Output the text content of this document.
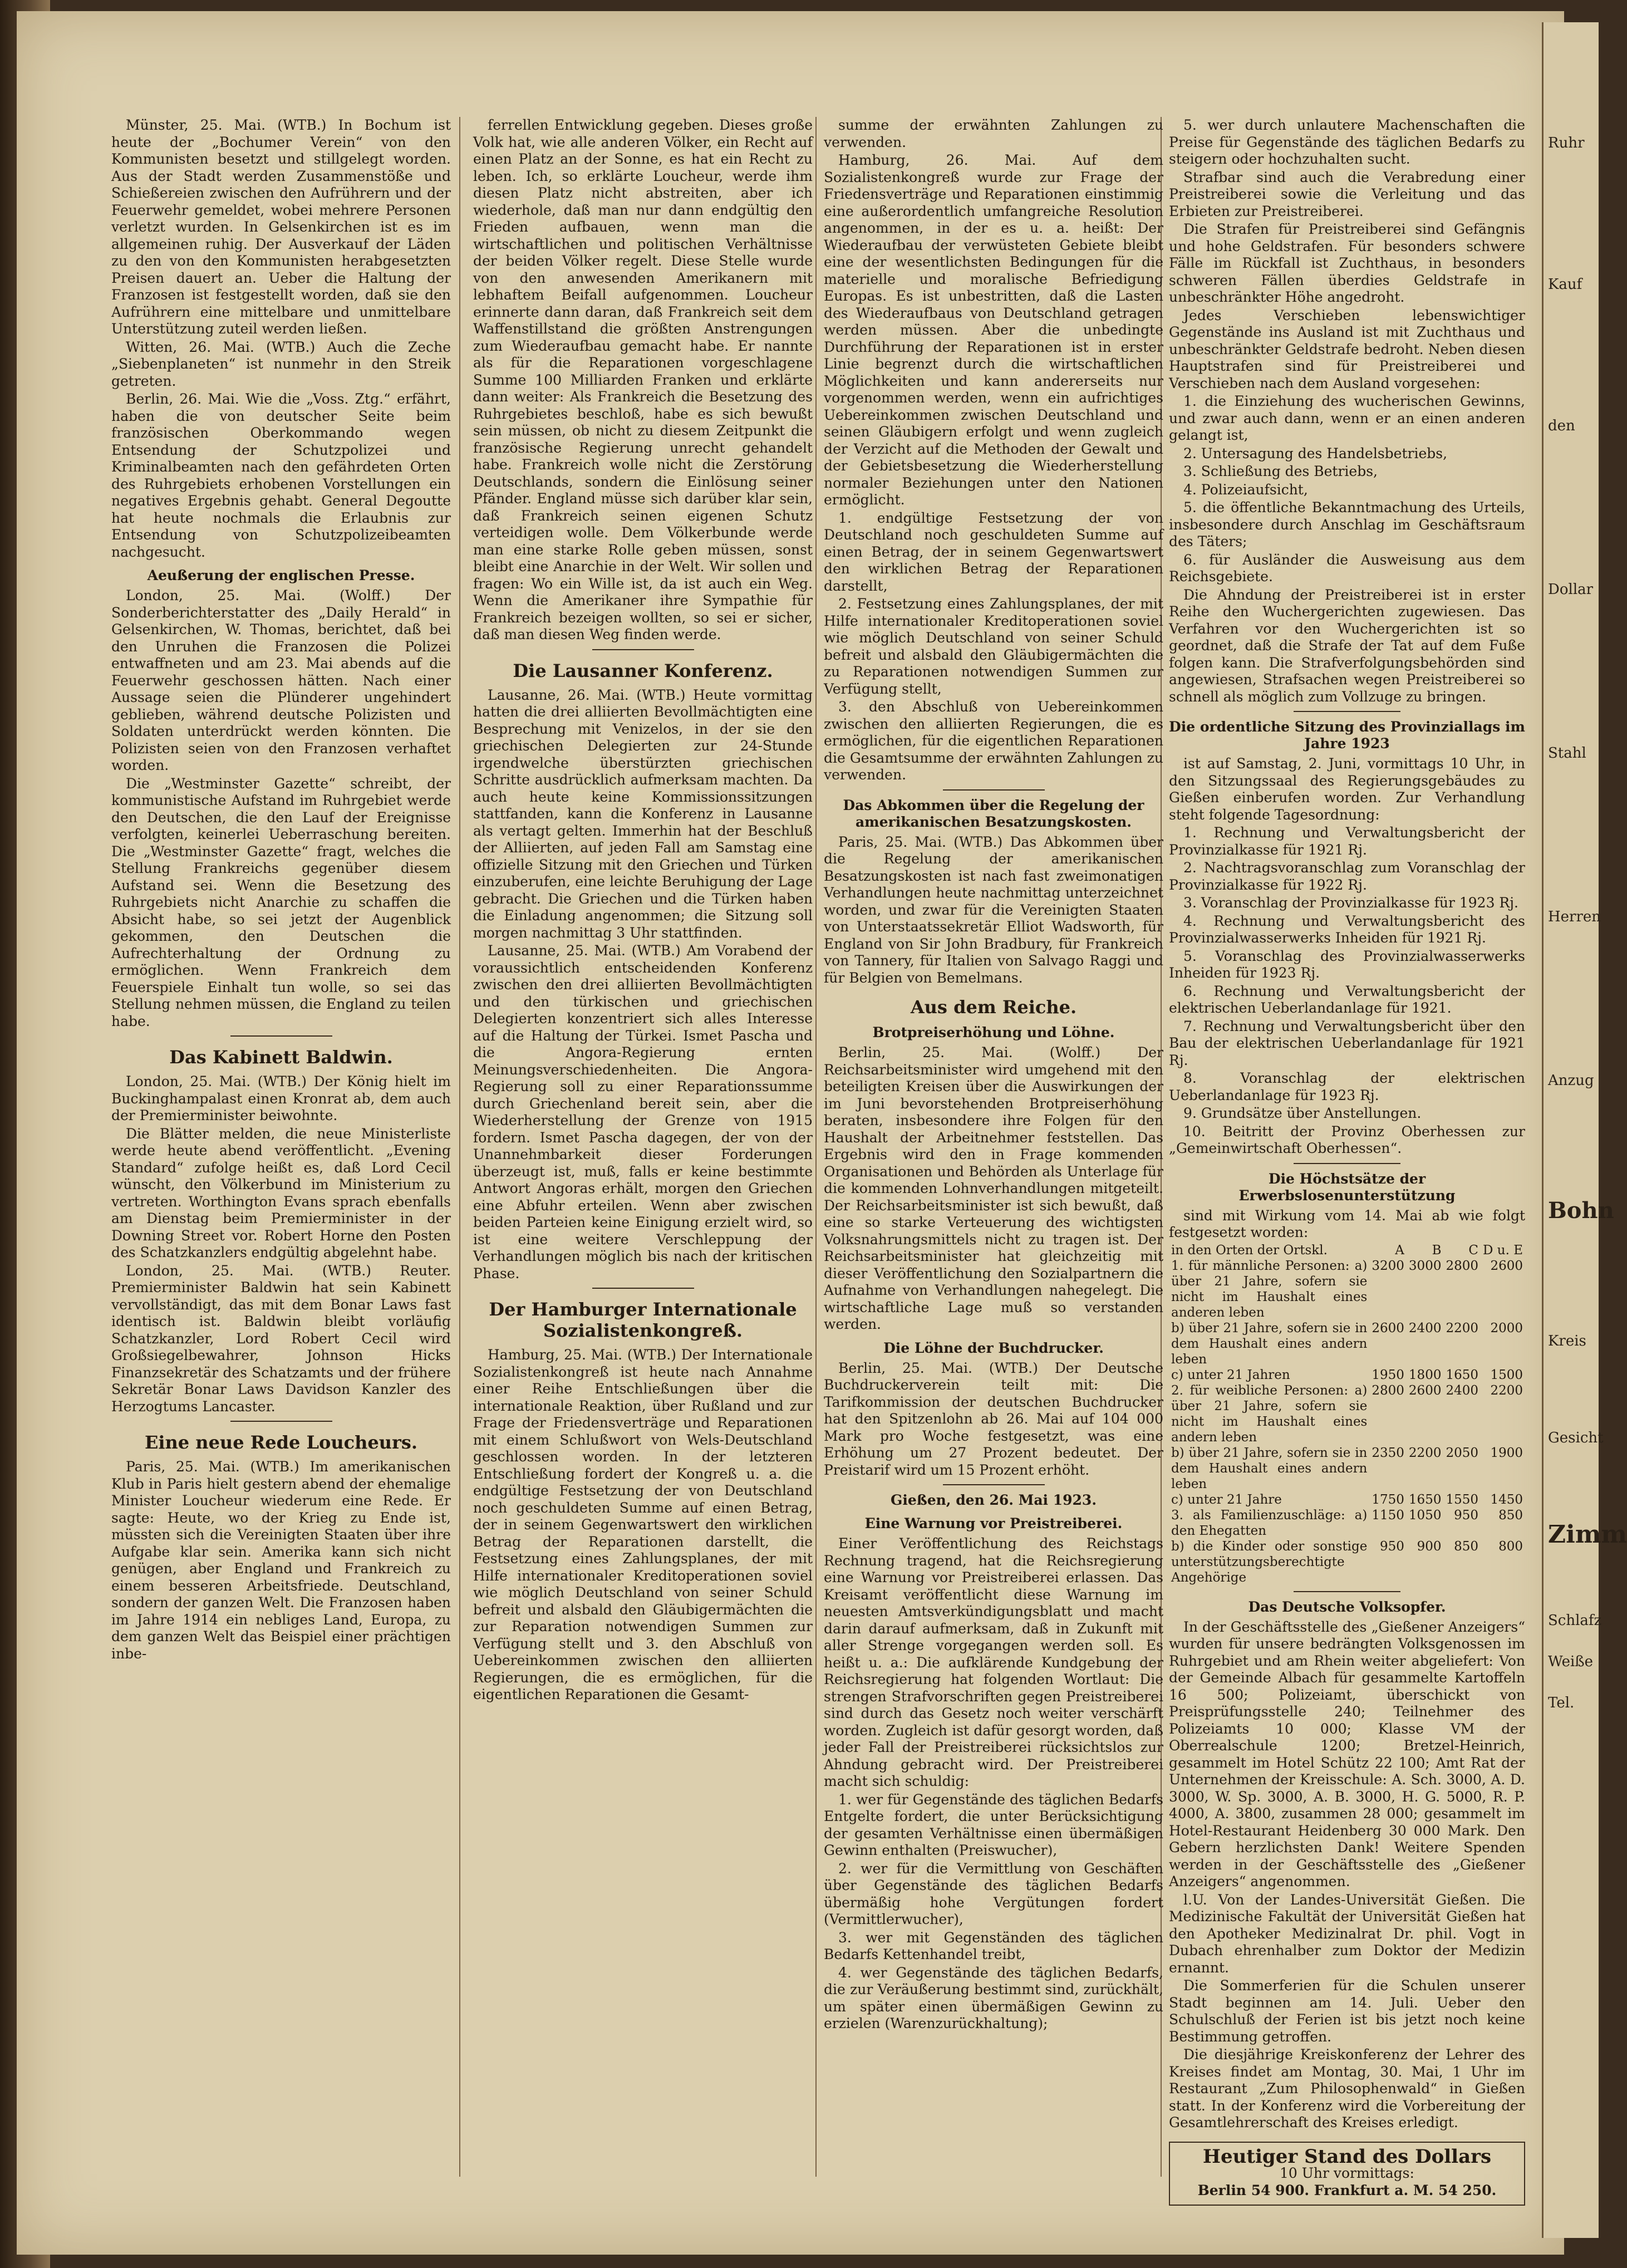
Münster, 25. Mai. (WTB.) In Bochum ist heute der „Bochumer Verein“ von den Kommunisten besetzt und stillgelegt worden. Aus der Stadt werden Zusammenstöße und Schießereien zwischen den Aufrührern und der Feuerwehr gemeldet, wobei mehrere Personen verletzt wurden. In Gelsenkirchen ist es im allgemeinen ruhig. Der Ausverkauf der Läden zu den von den Kommunisten herabgesetzten Preisen dauert an. Ueber die Haltung der Franzosen ist festgestellt worden, daß sie den Aufrührern eine mittelbare und unmittelbare Unterstützung zuteil werden ließen.

Witten, 26. Mai. (WTB.) Auch die Zeche „Siebenplaneten“ ist nunmehr in den Streik getreten.

Berlin, 26. Mai. Wie die „Voss. Ztg.“ erfährt, haben die von deutscher Seite beim französischen Oberkommando wegen Entsendung der Schutzpolizei und Kriminalbeamten nach den gefährdeten Orten des Ruhrgebiets erhobenen Vorstellungen ein negatives Ergebnis gehabt. General Degoutte hat heute nochmals die Erlaubnis zur Entsendung von Schutzpolizeibeamten nachgesucht.

Aeußerung der englischen Presse.

London, 25. Mai. (Wolff.) Der Sonderberichterstatter des „Daily Herald“ in Gelsenkirchen, W. Thomas, berichtet, daß bei den Unruhen die Franzosen die Polizei entwaffneten und am 23. Mai abends auf die Feuerwehr geschossen hätten. Nach einer Aussage seien die Plünderer ungehindert geblieben, während deutsche Polizisten und Soldaten unterdrückt werden könnten. Die Polizisten seien von den Franzosen verhaftet worden.

Die „Westminster Gazette“ schreibt, der kommunistische Aufstand im Ruhrgebiet werde den Deutschen, die den Lauf der Ereignisse verfolgten, keinerlei Ueberraschung bereiten. Die „Westminster Gazette“ fragt, welches die Stellung Frankreichs gegenüber diesem Aufstand sei. Wenn die Besetzung des Ruhrgebiets nicht Anarchie zu schaffen die Absicht habe, so sei jetzt der Augenblick gekommen, den Deutschen die Aufrechterhaltung der Ordnung zu ermöglichen. Wenn Frankreich dem Feuerspiele Einhalt tun wolle, so sei das Stellung nehmen müssen, die England zu teilen habe.

Das Kabinett Baldwin.

London, 25. Mai. (WTB.) Der König hielt im Buckinghampalast einen Kronrat ab, dem auch der Premierminister beiwohnte.

Die Blätter melden, die neue Ministerliste werde heute abend veröffentlicht. „Evening Standard“ zufolge heißt es, daß Lord Cecil wünscht, den Völkerbund im Ministerium zu vertreten. Worthington Evans sprach ebenfalls am Dienstag beim Premierminister in der Downing Street vor. Robert Horne den Posten des Schatzkanzlers endgültig abgelehnt habe.

London, 25. Mai. (WTB.) Reuter. Premierminister Baldwin hat sein Kabinett vervollständigt, das mit dem Bonar Laws fast identisch ist. Baldwin bleibt vorläufig Schatzkanzler, Lord Robert Cecil wird Großsiegelbewahrer, Johnson Hicks Finanzsekretär des Schatzamts und der frühere Sekretär Bonar Laws Davidson Kanzler des Herzogtums Lancaster.

Eine neue Rede Loucheurs.

Paris, 25. Mai. (WTB.) Im amerikanischen Klub in Paris hielt gestern abend der ehemalige Minister Loucheur wiederum eine Rede. Er sagte: Heute, wo der Krieg zu Ende ist, müssten sich die Vereinigten Staaten über ihre Aufgabe klar sein. Amerika kann sich nicht genügen, aber England und Frankreich zu einem besseren Arbeitsfriede. Deutschland, sondern der ganzen Welt. Die Franzosen haben im Jahre 1914 ein nebliges Land, Europa, zu dem ganzen Welt das Beispiel einer prächtigen inbe-

ferrellen Entwicklung gegeben. Dieses große Volk hat, wie alle anderen Völker, ein Recht auf einen Platz an der Sonne, es hat ein Recht zu leben. Ich, so erklärte Loucheur, werde ihm diesen Platz nicht abstreiten, aber ich wiederhole, daß man nur dann endgültig den Frieden aufbauen, wenn man die wirtschaftlichen und politischen Verhältnisse der beiden Völker regelt. Diese Stelle wurde von den anwesenden Amerikanern mit lebhaftem Beifall aufgenommen. Loucheur erinnerte dann daran, daß Frankreich seit dem Waffenstillstand die größten Anstrengungen zum Wiederaufbau gemacht habe. Er nannte als für die Reparationen vorgeschlagene Summe 100 Milliarden Franken und erklärte dann weiter: Als Frankreich die Besetzung des Ruhrgebietes beschloß, habe es sich bewußt sein müssen, ob nicht zu diesem Zeitpunkt die französische Regierung unrecht gehandelt habe. Frankreich wolle nicht die Zerstörung Deutschlands, sondern die Einlösung seiner Pfänder. England müsse sich darüber klar sein, daß Frankreich seinen eigenen Schutz verteidigen wolle. Dem Völkerbunde werde man eine starke Rolle geben müssen, sonst bleibt eine Anarchie in der Welt. Wir sollen und fragen: Wo ein Wille ist, da ist auch ein Weg. Wenn die Amerikaner ihre Sympathie für Frankreich bezeigen wollten, so sei er sicher, daß man diesen Weg finden werde.

Die Lausanner Konferenz.

Lausanne, 26. Mai. (WTB.) Heute vormittag hatten die drei alliierten Bevollmächtigten eine Besprechung mit Venizelos, in der sie den griechischen Delegierten zur 24-Stunde irgendwelche überstürzten griechischen Schritte ausdrücklich aufmerksam machten. Da auch heute keine Kommissionssitzungen stattfanden, kann die Konferenz in Lausanne als vertagt gelten. Immerhin hat der Beschluß der Alliierten, auf jeden Fall am Samstag eine offizielle Sitzung mit den Griechen und Türken einzuberufen, eine leichte Beruhigung der Lage gebracht. Die Griechen und die Türken haben die Einladung angenommen; die Sitzung soll morgen nachmittag 3 Uhr stattfinden.

Lausanne, 25. Mai. (WTB.) Am Vorabend der voraussichtlich entscheidenden Konferenz zwischen den drei alliierten Bevollmächtigten und den türkischen und griechischen Delegierten konzentriert sich alles Interesse auf die Haltung der Türkei. Ismet Pascha und die Angora-Regierung ernten Meinungsverschiedenheiten. Die Angora-Regierung soll zu einer Reparationssumme durch Griechenland bereit sein, aber die Wiederherstellung der Grenze von 1915 fordern. Ismet Pascha dagegen, der von der Unannehmbarkeit dieser Forderungen überzeugt ist, muß, falls er keine bestimmte Antwort Angoras erhält, morgen den Griechen eine Abfuhr erteilen. Wenn aber zwischen beiden Parteien keine Einigung erzielt wird, so ist eine weitere Verschleppung der Verhandlungen möglich bis nach der kritischen Phase.

Der Hamburger Internationale Sozialistenkongreß.

Hamburg, 25. Mai. (WTB.) Der Internationale Sozialistenkongreß ist heute nach Annahme einer Reihe Entschließungen über die internationale Reaktion, über Rußland und zur Frage der Friedensverträge und Reparationen mit einem Schlußwort von Wels-Deutschland geschlossen worden. In der letzteren Entschließung fordert der Kongreß u. a. die endgültige Festsetzung der von Deutschland noch geschuldeten Summe auf einen Betrag, der in seinem Gegenwartswert den wirklichen Betrag der Reparationen darstellt, die Festsetzung eines Zahlungsplanes, der mit Hilfe internationaler Kreditoperationen soviel wie möglich Deutschland von seiner Schuld befreit und alsbald den Gläubigermächten die zur Reparation notwendigen Summen zur Verfügung stellt und 3. den Abschluß von Uebereinkommen zwischen den alliierten Regierungen, die es ermöglichen, für die eigentlichen Reparationen die Gesamt-

summe der erwähnten Zahlungen zu verwenden.

Hamburg, 26. Mai. Auf dem Sozialistenkongreß wurde zur Frage der Friedensverträge und Reparationen einstimmig eine außerordentlich umfangreiche Resolution angenommen, in der es u. a. heißt: Der Wiederaufbau der verwüsteten Gebiete bleibt eine der wesentlichsten Bedingungen für die materielle und moralische Befriedigung Europas. Es ist unbestritten, daß die Lasten des Wiederaufbaus von Deutschland getragen werden müssen. Aber die unbedingte Durchführung der Reparationen ist in erster Linie begrenzt durch die wirtschaftlichen Möglichkeiten und kann andererseits nur vorgenommen werden, wenn ein aufrichtiges Uebereinkommen zwischen Deutschland und seinen Gläubigern erfolgt und wenn zugleich der Verzicht auf die Methoden der Gewalt und der Gebietsbesetzung die Wiederherstellung normaler Beziehungen unter den Nationen ermöglicht.

1. endgültige Festsetzung der von Deutschland noch geschuldeten Summe auf einen Betrag, der in seinem Gegenwartswert den wirklichen Betrag der Reparationen darstellt,

2. Festsetzung eines Zahlungsplanes, der mit Hilfe internationaler Kreditoperationen soviel wie möglich Deutschland von seiner Schuld befreit und alsbald den Gläubigermächten die zu Reparationen notwendigen Summen zur Verfügung stellt,

3. den Abschluß von Uebereinkommen zwischen den alliierten Regierungen, die es ermöglichen, für die eigentlichen Reparationen die Gesamtsumme der erwähnten Zahlungen zu verwenden.

Das Abkommen über die Regelung der amerikanischen Besatzungskosten.

Paris, 25. Mai. (WTB.) Das Abkommen über die Regelung der amerikanischen Besatzungskosten ist nach fast zweimonatigen Verhandlungen heute nachmittag unterzeichnet worden, und zwar für die Vereinigten Staaten von Unterstaatssekretär Elliot Wadsworth, für England von Sir John Bradbury, für Frankreich von Tannery, für Italien von Salvago Raggi und für Belgien von Bemelmans.

Aus dem Reiche.
Brotpreiserhöhung und Löhne.

Berlin, 25. Mai. (Wolff.) Der Reichsarbeitsminister wird umgehend mit den beteiligten Kreisen über die Auswirkungen der im Juni bevorstehenden Brotpreiserhöhung beraten, insbesondere ihre Folgen für den Haushalt der Arbeitnehmer feststellen. Das Ergebnis wird den in Frage kommenden Organisationen und Behörden als Unterlage für die kommenden Lohnverhandlungen mitgeteilt. Der Reichsarbeitsminister ist sich bewußt, daß eine so starke Verteuerung des wichtigsten Volksnahrungsmittels nicht zu tragen ist. Der Reichsarbeitsminister hat gleichzeitig mit dieser Veröffentlichung den Sozialpartnern die Aufnahme von Verhandlungen nahegelegt. Die wirtschaftliche Lage muß so verstanden werden.

Die Löhne der Buchdrucker.

Berlin, 25. Mai. (WTB.) Der Deutsche Buchdruckerverein teilt mit: Die Tarifkommission der deutschen Buchdrucker hat den Spitzenlohn ab 26. Mai auf 104 000 Mark pro Woche festgesetzt, was eine Erhöhung um 27 Prozent bedeutet. Der Preistarif wird um 15 Prozent erhöht.

Gießen, den 26. Mai 1923.
Eine Warnung vor Preistreiberei.

Einer Veröffentlichung des Reichstags Rechnung tragend, hat die Reichsregierung eine Warnung vor Preistreiberei erlassen. Das Kreisamt veröffentlicht diese Warnung im neuesten Amtsverkündigungsblatt und macht darin darauf aufmerksam, daß in Zukunft mit aller Strenge vorgegangen werden soll. Es heißt u. a.: Die aufklärende Kundgebung der Reichsregierung hat folgenden Wortlaut: Die strengen Strafvorschriften gegen Preistreiberei sind durch das Gesetz noch weiter verschärft worden. Zugleich ist dafür gesorgt worden, daß jeder Fall der Preistreiberei rücksichtslos zur Ahndung gebracht wird. Der Preistreiberei macht sich schuldig:

1. wer für Gegenstände des täglichen Bedarfs Entgelte fordert, die unter Berücksichtigung der gesamten Verhältnisse einen übermäßigen Gewinn enthalten (Preiswucher),

2. wer für die Vermittlung von Geschäften über Gegenstände des täglichen Bedarfs übermäßig hohe Vergütungen fordert (Vermittlerwucher),

3. wer mit Gegenständen des täglichen Bedarfs Kettenhandel treibt,

4. wer Gegenstände des täglichen Bedarfs, die zur Veräußerung bestimmt sind, zurückhält, um später einen übermäßigen Gewinn zu erzielen (Warenzurückhaltung);

5. wer durch unlautere Machenschaften die Preise für Gegenstände des täglichen Bedarfs zu steigern oder hochzuhalten sucht.

Strafbar sind auch die Verabredung einer Preistreiberei sowie die Verleitung und das Erbieten zur Preistreiberei.

Die Strafen für Preistreiberei sind Gefängnis und hohe Geldstrafen. Für besonders schwere Fälle im Rückfall ist Zuchthaus, in besonders schweren Fällen überdies Geldstrafe in unbeschränkter Höhe angedroht.

Jedes Verschieben lebenswichtiger Gegenstände ins Ausland ist mit Zuchthaus und unbeschränkter Geldstrafe bedroht. Neben diesen Hauptstrafen sind für Preistreiberei und Verschieben nach dem Ausland vorgesehen:

1. die Einziehung des wucherischen Gewinns, und zwar auch dann, wenn er an einen anderen gelangt ist,

2. Untersagung des Handelsbetriebs,

3. Schließung des Betriebs,

4. Polizeiaufsicht,

5. die öffentliche Bekanntmachung des Urteils, insbesondere durch Anschlag im Geschäftsraum des Täters;

6. für Ausländer die Ausweisung aus dem Reichsgebiete.

Die Ahndung der Preistreiberei ist in erster Reihe den Wuchergerichten zugewiesen. Das Verfahren vor den Wuchergerichten ist so geordnet, daß die Strafe der Tat auf dem Fuße folgen kann. Die Strafverfolgungsbehörden sind angewiesen, Strafsachen wegen Preistreiberei so schnell als möglich zum Vollzuge zu bringen.

Die ordentliche Sitzung des Provinziallags im Jahre 1923

ist auf Samstag, 2. Juni, vormittags 10 Uhr, in den Sitzungssaal des Regierungsgebäudes zu Gießen einberufen worden. Zur Verhandlung steht folgende Tagesordnung:

1. Rechnung und Verwaltungsbericht der Provinzialkasse für 1921 Rj.

2. Nachtragsvoranschlag zum Voranschlag der Provinzialkasse für 1922 Rj.

3. Voranschlag der Provinzialkasse für 1923 Rj.

4. Rechnung und Verwaltungsbericht des Provinzialwasserwerks Inheiden für 1921 Rj.

5. Voranschlag des Provinzialwasserwerks Inheiden für 1923 Rj.

6. Rechnung und Verwaltungsbericht der elektrischen Ueberlandanlage für 1921.

7. Rechnung und Verwaltungsbericht über den Bau der elektrischen Ueberlandanlage für 1921 Rj.

8. Voranschlag der elektrischen Ueberlandanlage für 1923 Rj.

9. Grundsätze über Anstellungen.

10. Beitritt der Provinz Oberhessen zur „Gemeinwirtschaft Oberhessen“.

Die Höchstsätze der Erwerbslosenunterstützung

sind mit Wirkung vom 14. Mai ab wie folgt festgesetzt worden:

in den Orten der Ortskl.	A	B	C	D u. E
1. für männliche Personen: a) über 21 Jahre, sofern sie nicht im Haushalt eines anderen leben	3200	3000	2800	2600
b) über 21 Jahre, sofern sie in dem Haushalt eines andern leben	2600	2400	2200	2000
c) unter 21 Jahren	1950	1800	1650	1500
2. für weibliche Personen: a) über 21 Jahre, sofern sie nicht im Haushalt eines andern leben	2800	2600	2400	2200
b) über 21 Jahre, sofern sie in dem Haushalt eines andern leben	2350	2200	2050	1900
c) unter 21 Jahre	1750	1650	1550	1450
3. als Familienzuschläge: a) den Ehegatten	1150	1050	950	850
b) die Kinder oder sonstige unterstützungsberechtigte Angehörige	950	900	850	800
Das Deutsche Volksopfer.

In der Geschäftsstelle des „Gießener Anzeigers“ wurden für unsere bedrängten Volksgenossen im Ruhrgebiet und am Rhein weiter abgeliefert: Von der Gemeinde Albach für gesammelte Kartoffeln 16 500; Polizeiamt, überschickt von Preisprüfungsstelle 240; Teilnehmer des Polizeiamts 10 000; Klasse VM der Oberrealschule 1200; Bretzel-Heinrich, gesammelt im Hotel Schütz 22 100; Amt Rat der Unternehmen der Kreisschule: A. Sch. 3000, A. D. 3000, W. Sp. 3000, A. B. 3000, H. G. 5000, R. P. 4000, A. 3800, zusammen 28 000; gesammelt im Hotel-Restaurant Heidenberg 30 000 Mark. Den Gebern herzlichsten Dank! Weitere Spenden werden in der Geschäftsstelle des „Gießener Anzeigers“ angenommen.

l.U. Von der Landes-Universität Gießen. Die Medizinische Fakultät der Universität Gießen hat den Apotheker Medizinalrat Dr. phil. Vogt in Dubach ehrenhalber zum Doktor der Medizin ernannt.

Die Sommerferien für die Schulen unserer Stadt beginnen am 14. Juli. Ueber den Schulschluß der Ferien ist bis jetzt noch keine Bestimmung getroffen.

Die diesjährige Kreiskonferenz der Lehrer des Kreises findet am Montag, 30. Mai, 1 Uhr im Restaurant „Zum Philosophenwald“ in Gießen statt. In der Konferenz wird die Vorbereitung der Gesamtlehrerschaft des Kreises erledigt.

Heutiger Stand des Dollars
10 Uhr vormittags:
Berlin 54 900. Frankfurt a. M. 54 250.
Ruhr
Kauf
den
Dollar
Stahl
Herren
Anzug
Bohn
Kreis
Gesicht
Zimm
Schlafz
Weiße
Tel.
